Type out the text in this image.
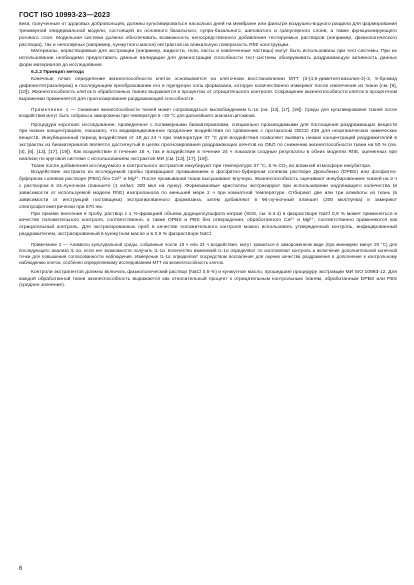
ГОСТ ISO 10993-23—2023

века, полученные от здоровых добровольцев, должны культивироваться насколько дней на мембране или фильтре воздушно-водного раздела для формирования трехмерной эпидермальной модели, состоящей из основного базального, супра-базального, шиповатого и гранулярного слоев, а также функционирующего рогового слоя. Модельная система должна обеспечивать возможность непосредственного добавления тестируемых растворов (например, физиологического раствора), так и неполярных (например, кунжутного масла) экстрактов на апикальную поверхность RhE конструкции.

Материалы, нерастворимые для экстракции (например, жидкости, гели, пасты и извлеченные частицы) могут быть использованы при тест-системы. При их использовании необходимо предоставить данные валидации для демонстрации способности тест-системы обнаруживать раздражающую активность данных форм материалов до исследования.

6.2.2 Принцип метода

Конечные точки: определение жизнеспособности клеток основывается на клеточном восстановлении МТТ (3-(4,5-диметилтиазолил-2)-2, 5-бромид дифенилтетразолиума) и последующем преобразовании его в пурпурную соль формазана, которую количественно измеряют после извлечения из ткани (см. [9], [10]). Жизнеспособность клеток в обработанных тканях выражается в процентах от отрицательного контроля. Сокращение жизнеспособности клеток в процентном выражении применяется для прогнозирования раздражающей способности.

Примечание 1 — Снижение жизнеспособности тканей может сопровождаться высвобождением IL-1α (см. [13], [17], [19]). Среды для культивирования тканей после воздействия могут быть собраны и заморожены при температуре в −20 °С для дальнейшего анализа цитокинов.

Процедура короткая: исследование, проведенное с полимерными биоматериалами, специально производимыми для поглощения раздражающих веществ при низких концентрациях, показало, что модифицированное продление воздействия по сравнению с протоколом OECD 439 для неорганических химических веществ. Инкубационный период воздействия от 18 до 24 ч при температуре 37 °С для воздействия позволяет выявить низких концентраций раздражителей в экстрактах из биоматериалов является достигнутый в целях прогнозирования раздражающих агентов из ОБО по снижению жизнеспособности ткани на 50 % (см. [4], [6], [13], [17], [19]). Как воздействие в течение 18 ч, так и воздействие в течение 24 ч показали сходные результаты в обеих моделях RhE, оцененных при анализе по круговой системе с использованием экстрактов МИ (см. [13], [17], [19]).

Ткани после добавления исследуемого и контрольного экстрактов инкубируют при температуре 37 °С, 5 % СО₂ во влажной атмосфере инкубатора.

Воздействие экстракта из исследуемой пробы прекращают промыванием в фосфатно-буферном солевом растворе Дюльбекко (DPBS) или фосфатно-буферном солевом растворе (PBS) без Ca²⁺ и Mg²⁺. После промывания ткани высушивают впучную. Жизнеспособность оценивают инкубированием тканей на 3 ч с раствором в 24-луночном планшете (1 мг/мл; 300 мкл на лунку). Формазановые кристаллы экстрагируют при использовании надлежащего количества (в зависимости от используемой модели RhE) изопропанола по меньшей мере 2 ч при комнатной температуре. Отбирают две или три аликвоты из ткань (в зависимости от инструкций поставщика) экстрагированного формазана, затем добавляют в 96-лучночный планшет (200 мкл/лунка) и замеряют спектрофотометрически при 570 нм.

При приеме внесения в пробу, раствор с 1 %-фракцией объема додецилсульфата натрия (SDS, см. 6.4.4) в физрастворе NaCl 0,9 % может применяться в качестве положительного контроля, соответственно, а также DPBS и PBS без отверждения, обработанного Ca²⁺ и Mg²⁺, соответственно применяются как отрицательный контроль. Для экстрагированных проб в качестве положительного контроля можно использовать утвержденный контроль, инфицированный раздражителем, экстрагированный в кунжутном масле и в 0,9 % физрастворе NaCl.

Примечание 2 — Аликвоты культуральной среды, собранные после 18 ч или 24 ч воздействия, могут храниться в замороженном виде (при минимуме минус 20 °С) для последующего анализа IL-1α, если нет возможности получить IL-1α. Количество изменений IL-1α определяют по изготовляют контроль и включение дополнительной конечной точки для повышения согласованности наблюдения. Измерение IL-1α определяют посредством воспаления для оценки качества раздражения в дополнение к контрольному наблюдению клеток, особенно определяемому исследованием МТТ на жизнеспособность клеток.

Контроли экстрагентов должны включать физиологический раствор (NaCl 0,9 %) и кунжутное масло, прошедшие процедуру экстракции МИ ISO 10993-12. Для каждой обработанной ткани жизнеспособность выражается как относительный процент к отрицательным контрольным тканям, обработанным DPBS или PBS (среднее значение).

6
